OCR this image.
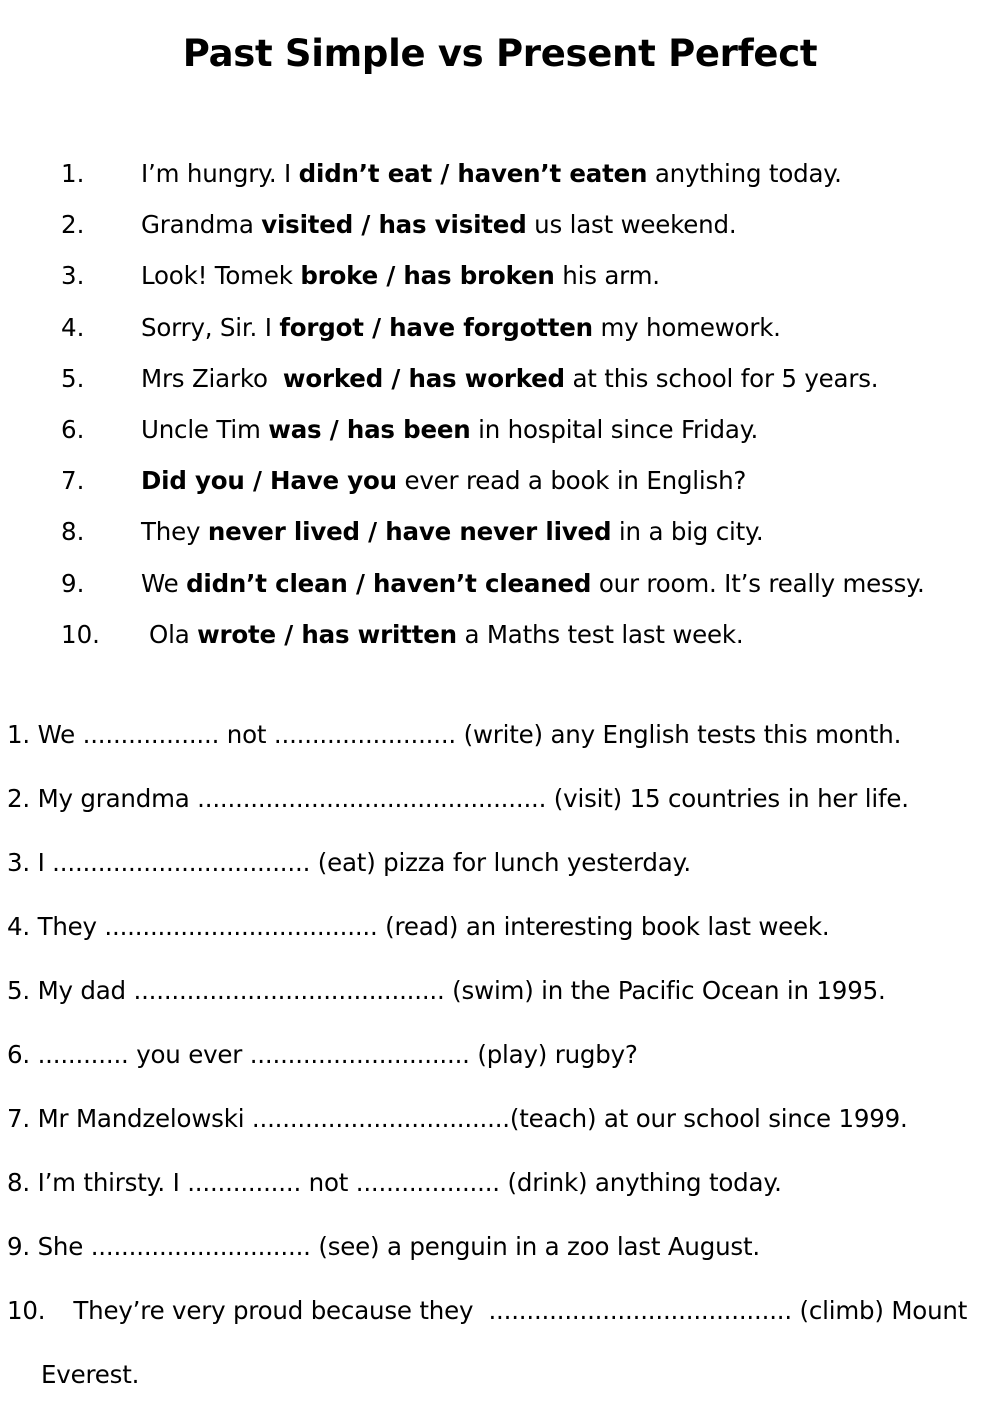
Past Simple vs Present Perfect
1. I’m hungry. I didn’t eat / haven’t eaten anything today.
2. Grandma visited / has visited us last weekend.
3. Look! Tomek broke / has broken his arm.
4. Sorry, Sir. I forgot / have forgotten my homework.
5. Mrs Ziarko  worked / has worked at this school for 5 years.
6. Uncle Tim was / has been in hospital since Friday.
7. Did you / Have you ever read a book in English?
8. They never lived / have never lived in a big city.
9. We didn’t clean / haven’t cleaned our room. It’s really messy.
10. Ola wrote / has written a Maths test last week.
1. We .................. not ........................ (write) any English tests this month.
2. My grandma .............................................. (visit) 15 countries in her life.
3. I .................................. (eat) pizza for lunch yesterday.
4. They .................................... (read) an interesting book last week.
5. My dad ......................................... (swim) in the Pacific Ocean in 1995.
6. ............ you ever ............................. (play) rugby?
7. Mr Mandzelowski ..................................(teach) at our school since 1999.
8. I’m thirsty. I ............... not ................... (drink) anything today.
9. She ............................. (see) a penguin in a zoo last August.
10. They’re very proud because they  ........................................ (climb) Mount
Everest.
